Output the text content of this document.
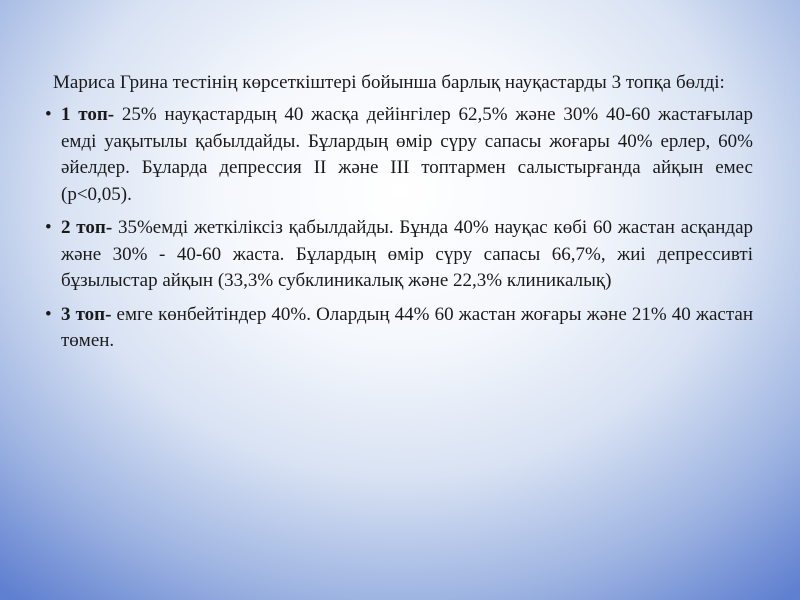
Мариса Грина тестінің көрсеткіштері бойынша барлық науқастарды 3 топқа бөлді:

• 1 топ- 25% науқастардың 40 жасқа дейінгілер 62,5% және 30% 40-60 жастағылар емді уақытылы қабылдайды. Бұлардың өмір сүру сапасы жоғары 40% ерлер, 60% әйелдер. Бұларда депрессия II және III топтармен салыстырғанда айқын емес (p<0,05).
• 2 топ- 35%емді жеткіліксіз қабылдайды. Бұнда 40% науқас көбі 60 жастан асқандар және 30% - 40-60 жаста. Бұлардың өмір сүру сапасы 66,7%, жиі депрессивті бұзылыстар айқын (33,3% субклиникалық және 22,3% клиникалық)
• 3 топ- емге көнбейтіндер 40%. Олардың 44% 60 жастан жоғары және 21% 40 жастан төмен.
